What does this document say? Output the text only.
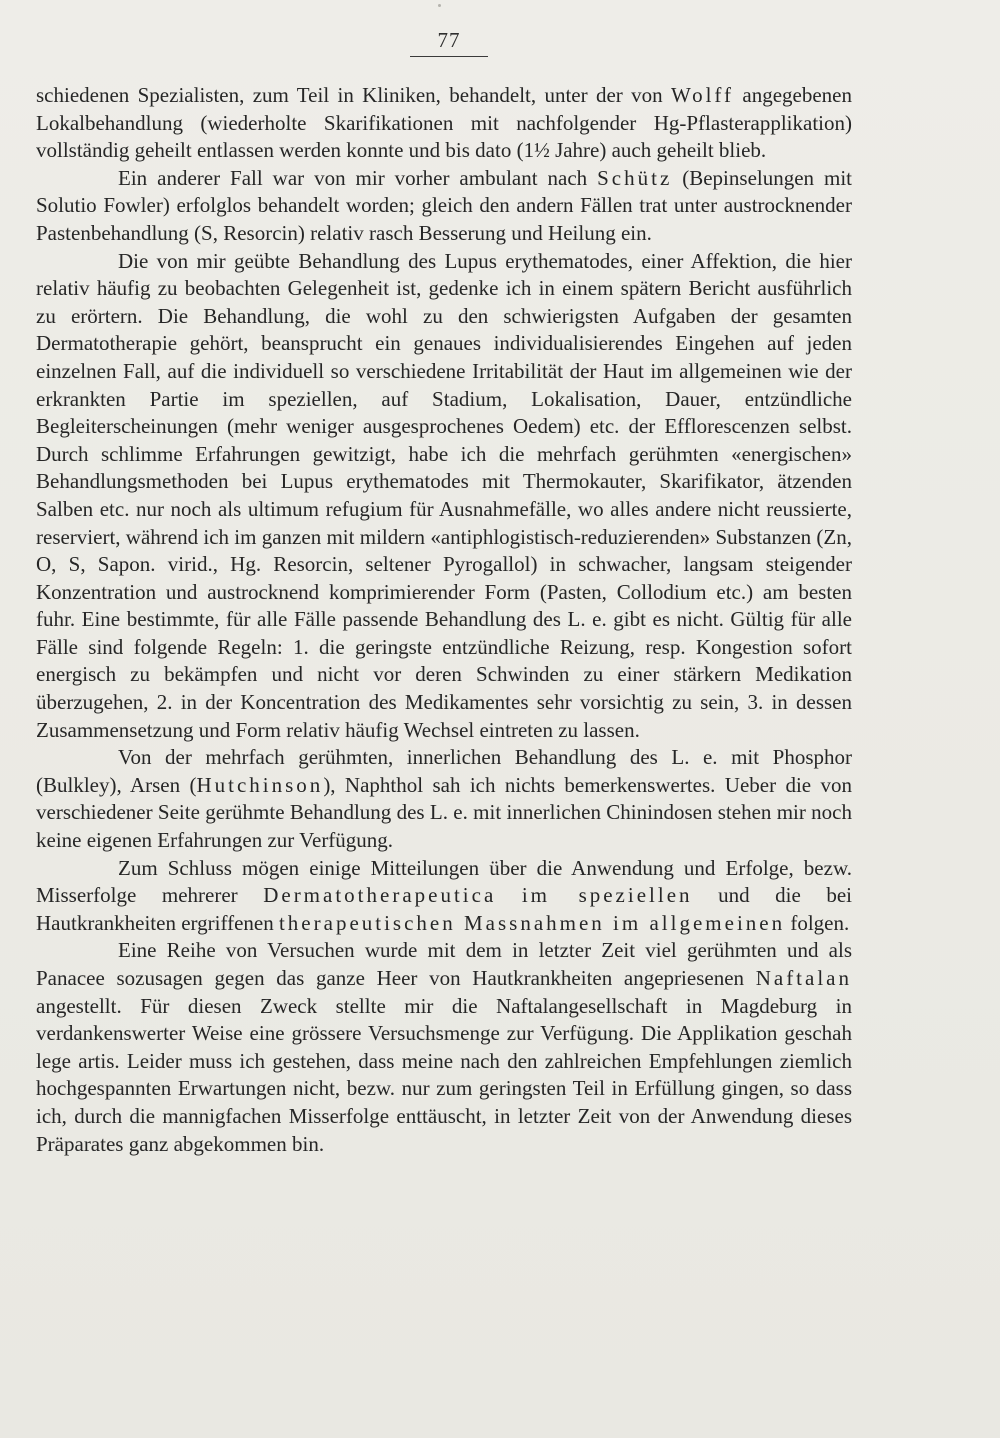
77

schiedenen Spezialisten, zum Teil in Kliniken, behandelt, unter der von Wolff angegebenen Lokalbehandlung (wiederholte Skarifikationen mit nachfolgender Hg-Pflasterapplikation) vollständig geheilt entlassen werden konnte und bis dato (1½ Jahre) auch geheilt blieb.

Ein anderer Fall war von mir vorher ambulant nach Schütz (Bepinselungen mit Solutio Fowler) erfolglos behandelt worden; gleich den andern Fällen trat unter austrocknender Pastenbehandlung (S, Resorcin) relativ rasch Besserung und Heilung ein.

Die von mir geübte Behandlung des Lupus erythematodes, einer Affektion, die hier relativ häufig zu beobachten Gelegenheit ist, gedenke ich in einem spätern Bericht ausführlich zu erörtern. Die Behandlung, die wohl zu den schwierigsten Aufgaben der gesamten Dermatotherapie gehört, beansprucht ein genaues individualisierendes Eingehen auf jeden einzelnen Fall, auf die individuell so verschiedene Irritabilität der Haut im allgemeinen wie der erkrankten Partie im speziellen, auf Stadium, Lokalisation, Dauer, entzündliche Begleiterscheinungen (mehr weniger ausgesprochenes Oedem) etc. der Efflorescenzen selbst. Durch schlimme Erfahrungen gewitzigt, habe ich die mehrfach gerühmten «energischen» Behandlungsmethoden bei Lupus erythematodes mit Thermokauter, Skarifikator, ätzenden Salben etc. nur noch als ultimum refugium für Ausnahmefälle, wo alles andere nicht reussierte, reserviert, während ich im ganzen mit mildern «antiphlogistisch-reduzierenden» Substanzen (Zn, O, S, Sapon. virid., Hg. Resorcin, seltener Pyrogallol) in schwacher, langsam steigender Konzentration und austrocknend komprimierender Form (Pasten, Collodium etc.) am besten fuhr. Eine bestimmte, für alle Fälle passende Behandlung des L. e. gibt es nicht. Gültig für alle Fälle sind folgende Regeln: 1. die geringste entzündliche Reizung, resp. Kongestion sofort energisch zu bekämpfen und nicht vor deren Schwinden zu einer stärkern Medikation überzugehen, 2. in der Koncentration des Medikamentes sehr vorsichtig zu sein, 3. in dessen Zusammensetzung und Form relativ häufig Wechsel eintreten zu lassen.

Von der mehrfach gerühmten, innerlichen Behandlung des L. e. mit Phosphor (Bulkley), Arsen (Hutchinson), Naphthol sah ich nichts bemerkenswertes. Ueber die von verschiedener Seite gerühmte Behandlung des L. e. mit innerlichen Chinindosen stehen mir noch keine eigenen Erfahrungen zur Verfügung.

Zum Schluss mögen einige Mitteilungen über die Anwendung und Erfolge, bezw. Misserfolge mehrerer Dermatotherapeutica im speziellen und die bei Hautkrankheiten ergriffenen therapeutischen Massnahmen im allgemeinen folgen.

Eine Reihe von Versuchen wurde mit dem in letzter Zeit viel gerühmten und als Panacee sozusagen gegen das ganze Heer von Hautkrankheiten angepriesenen Naftalan angestellt. Für diesen Zweck stellte mir die Naftalangesellschaft in Magdeburg in verdankenswerter Weise eine grössere Versuchsmenge zur Verfügung. Die Applikation geschah lege artis. Leider muss ich gestehen, dass meine nach den zahlreichen Empfehlungen ziemlich hochgespannten Erwartungen nicht, bezw. nur zum geringsten Teil in Erfüllung gingen, so dass ich, durch die mannigfachen Misserfolge enttäuscht, in letzter Zeit von der Anwendung dieses Präparates ganz abgekommen bin.
